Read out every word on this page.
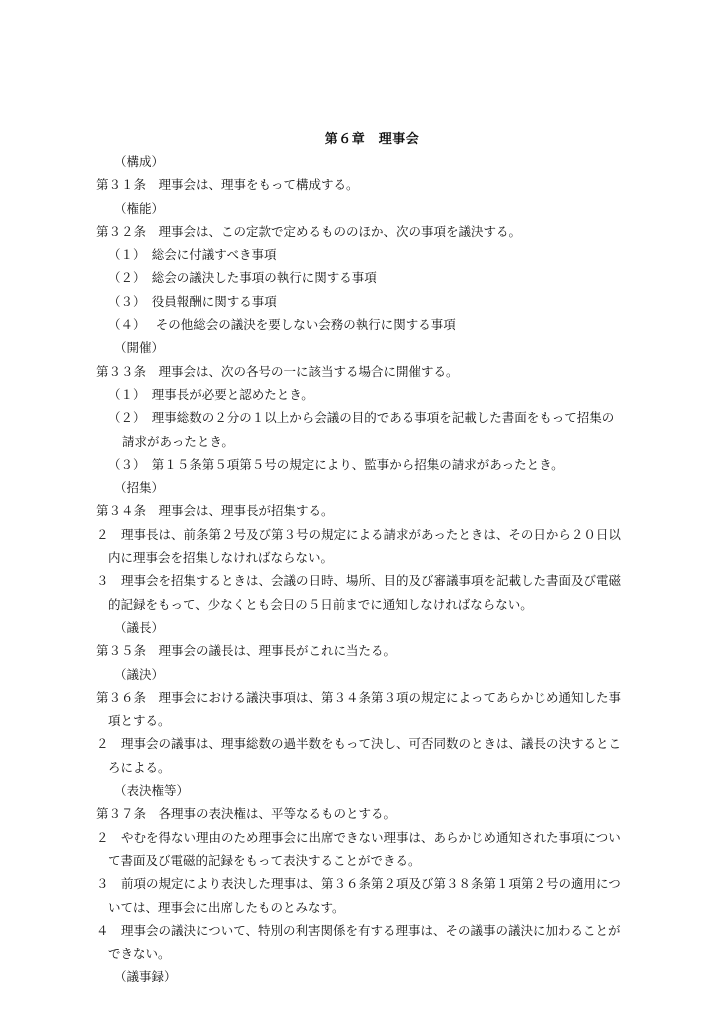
第６章　理事会
（構成）
第３１条　理事会は、理事をもって構成する。
（権能）
第３２条　理事会は、この定款で定めるもののほか、次の事項を議決する。
（１）　総会に付議すべき事項
（２）　総会の議決した事項の執行に関する事項
（３）　役員報酬に関する事項
（４）　 その他総会の議決を要しない会務の執行に関する事項
（開催）
第３３条　理事会は、次の各号の一に該当する場合に開催する。
（１）　理事長が必要と認めたとき。
（２）　理事総数の２分の１以上から会議の目的である事項を記載した書面をもって招集の
請求があったとき。
（３）　第１５条第５項第５号の規定により、監事から招集の請求があったとき。
（招集）
第３４条　理事会は、理事長が招集する。
２　理事長は、前条第２号及び第３号の規定による請求があったときは、その日から２０日以
内に理事会を招集しなければならない。
３　理事会を招集するときは、会議の日時、場所、目的及び審議事項を記載した書面及び電磁
的記録をもって、少なくとも会日の５日前までに通知しなければならない。
（議長）
第３５条　理事会の議長は、理事長がこれに当たる。
（議決）
第３６条　理事会における議決事項は、第３４条第３項の規定によってあらかじめ通知した事
項とする。
２　理事会の議事は、理事総数の過半数をもって決し、可否同数のときは、議長の決するとこ
ろによる。
（表決権等）
第３７条　各理事の表決権は、平等なるものとする。
２　やむを得ない理由のため理事会に出席できない理事は、あらかじめ通知された事項につい
て書面及び電磁的記録をもって表決することができる。
３　前項の規定により表決した理事は、第３６条第２項及び第３８条第１項第２号の適用につ
いては、理事会に出席したものとみなす。
４　理事会の議決について、特別の利害関係を有する理事は、その議事の議決に加わることが
できない。
（議事録）
